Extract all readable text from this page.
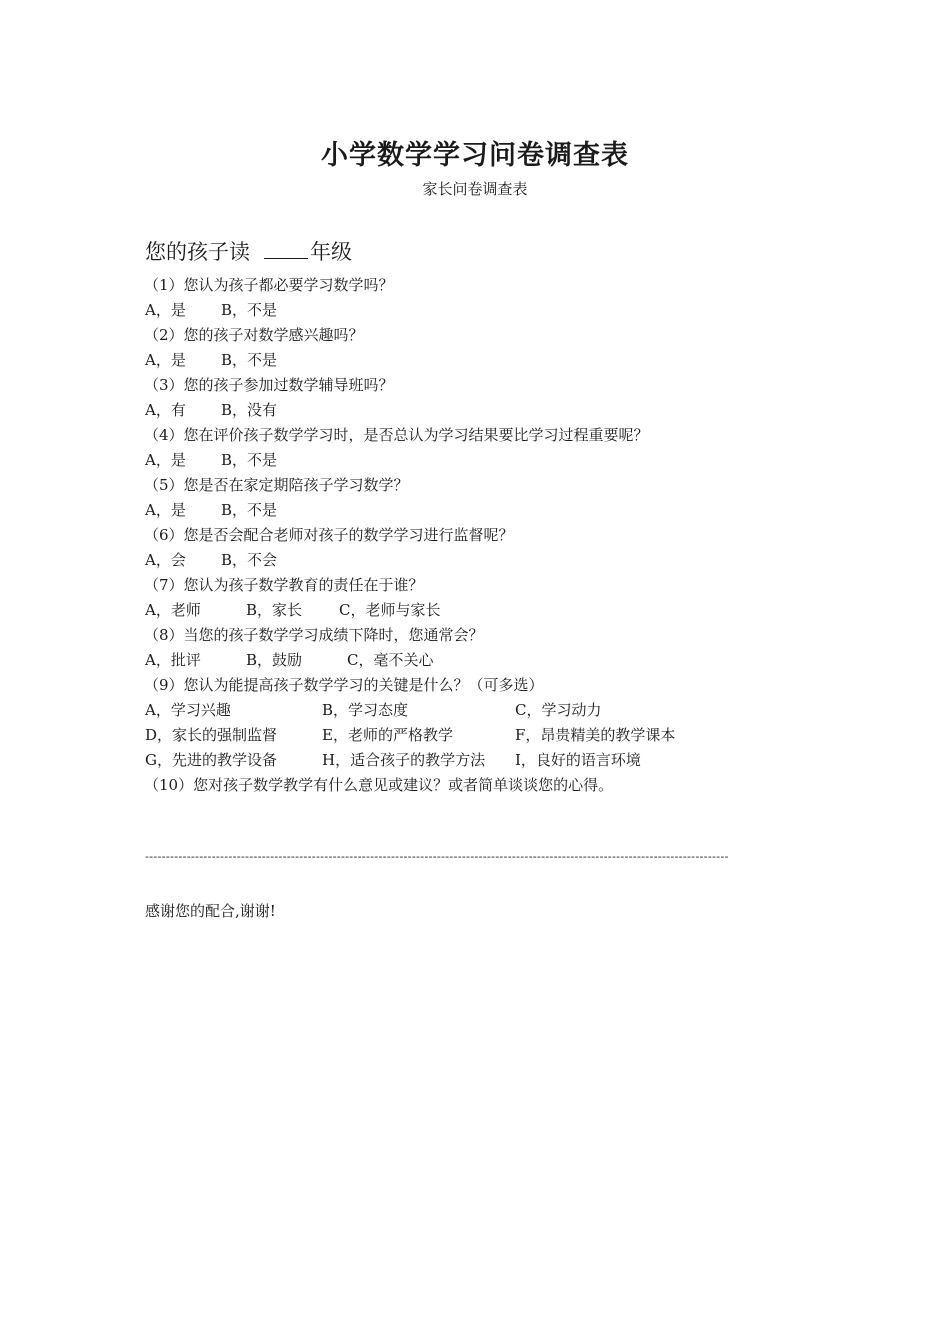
小学数学学习问卷调查表
家长问卷调查表
您的孩子读	年级
（1）您认为孩子都必要学习数学吗？
A，是 B，不是
（2）您的孩子对数学感兴趣吗？
A，是 B，不是
（3）您的孩子参加过数学辅导班吗？
A，有 B，没有
（4）您在评价孩子数学学习时，是否总认为学习结果要比学习过程重要呢？
A，是 B，不是
（5）您是否在家定期陪孩子学习数学？
A，是 B，不是
（6）您是否会配合老师对孩子的数学学习进行监督呢？
A，会 B，不会
（7）您认为孩子数学教育的责任在于谁？
A，老师	B，家长 C，老师与家长
（8）当您的孩子数学学习成绩下降时，您通常会？
A，批评	B，鼓励	C，毫不关心
（9）您认为能提高孩子数学学习的关键是什么？（可多选）
A，学习兴趣	B，学习态度	C，学习动力
D，家长的强制监督	E，老师的严格教学	F，昂贵精美的教学课本
G，先进的教学设备	H，适合孩子的教学方法 I，良好的语言环境
（10）您对孩子数学教学有什么意见或建议？或者简单谈谈您的心得。
--------------------------------------------------------------------------------------------------------------------------------------------
感谢您的配合,谢谢!
